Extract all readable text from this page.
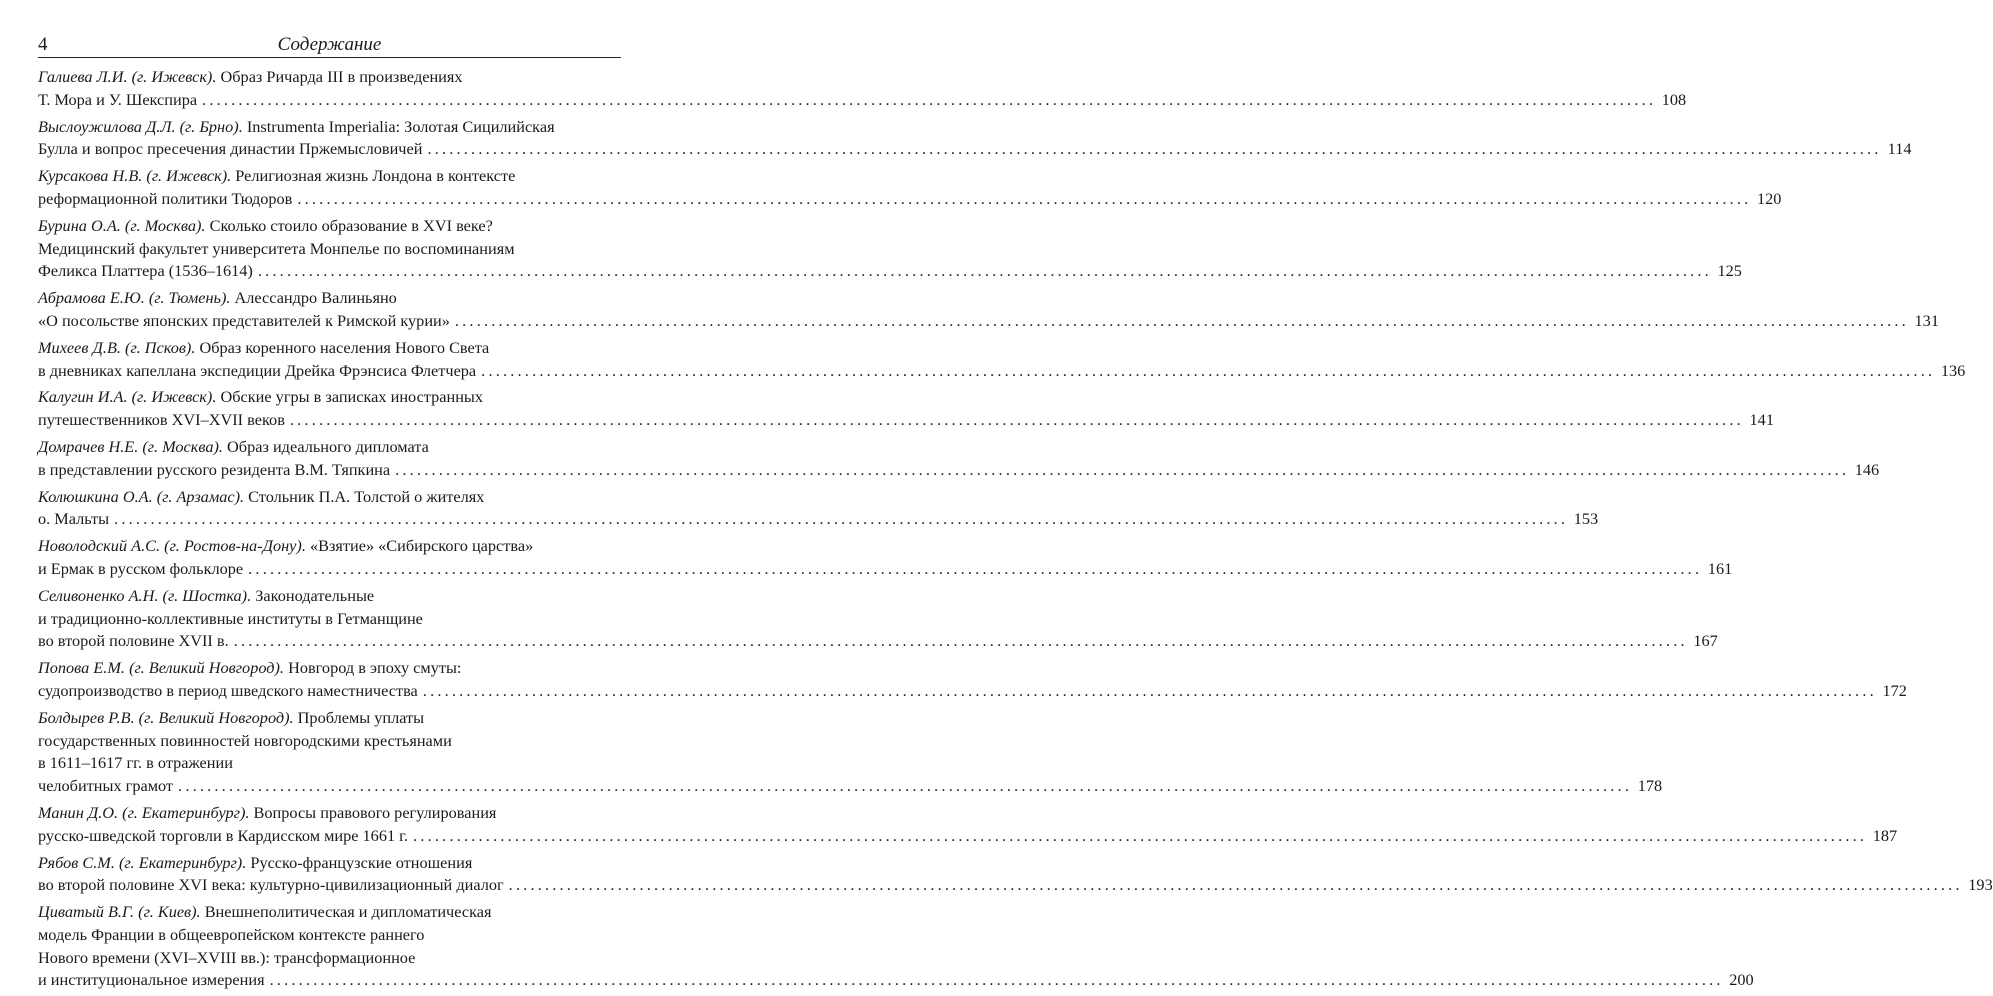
4	Содержание
Галиева Л.И. (г. Ижевск). Образ Ричарда III в произведениях
Т. Мора и У. Шекспира ........................................................................................................................................................................................................ 108
Выслоужилова Д.Л. (г. Брно). Instrumenta Imperialia: Золотая Сицилийская
Булла и вопрос пресечения династии Пржемысловичей ........................................................................................................................................................................................................ 114
Курсакова Н.В. (г. Ижевск). Религиозная жизнь Лондона в контексте
реформационной политики Тюдоров ........................................................................................................................................................................................................ 120
Бурина О.А. (г. Москва). Сколько стоило образование в XVI веке?
Медицинский факультет университета Монпелье по воспоминаниям
Феликса Платтера (1536–1614) ........................................................................................................................................................................................................ 125
Абрамова Е.Ю. (г. Тюмень). Алессандро Валиньяно
«О посольстве японских представителей к Римской курии» ........................................................................................................................................................................................................ 131
Михеев Д.В. (г. Псков). Образ коренного населения Нового Света
в дневниках капеллана экспедиции Дрейка Фрэнсиса Флетчера ........................................................................................................................................................................................................ 136
Калугин И.А. (г. Ижевск). Обские угры в записках иностранных
путешественников XVI–XVII веков ........................................................................................................................................................................................................ 141
Домрачев Н.Е. (г. Москва). Образ идеального дипломата
в представлении русского резидента В.М. Тяпкина ........................................................................................................................................................................................................ 146
Колюшкина О.А. (г. Арзамас). Стольник П.А. Толстой о жителях
о. Мальты ........................................................................................................................................................................................................ 153
Новолодский А.С. (г. Ростов-на-Дону). «Взятие» «Сибирского царства»
и Ермак в русском фольклоре ........................................................................................................................................................................................................ 161
Селивоненко А.Н. (г. Шостка). Законодательные
и традиционно-коллективные институты в Гетманщине
во второй половине XVII в. ........................................................................................................................................................................................................ 167
Попова Е.М. (г. Великий Новгород). Новгород в эпоху смуты:
судопроизводство в период шведского наместничества ........................................................................................................................................................................................................ 172
Болдырев Р.В. (г. Великий Новгород). Проблемы уплаты
государственных повинностей новгородскими крестьянами
в 1611–1617 гг. в отражении
челобитных грамот ........................................................................................................................................................................................................ 178
Манин Д.О. (г. Екатеринбург). Вопросы правового регулирования
русско-шведской торговли в Кардисском мире 1661 г. ........................................................................................................................................................................................................ 187
Рябов С.М. (г. Екатеринбург). Русско-французские отношения
во второй половине XVI века: культурно-цивилизационный диалог ........................................................................................................................................................................................................ 193
Циватый В.Г. (г. Киев). Внешнеполитическая и дипломатическая
модель Франции в общеевропейском контексте раннего
Нового времени (XVI–XVIII вв.): трансформационное
и институциональное измерения ........................................................................................................................................................................................................ 200
